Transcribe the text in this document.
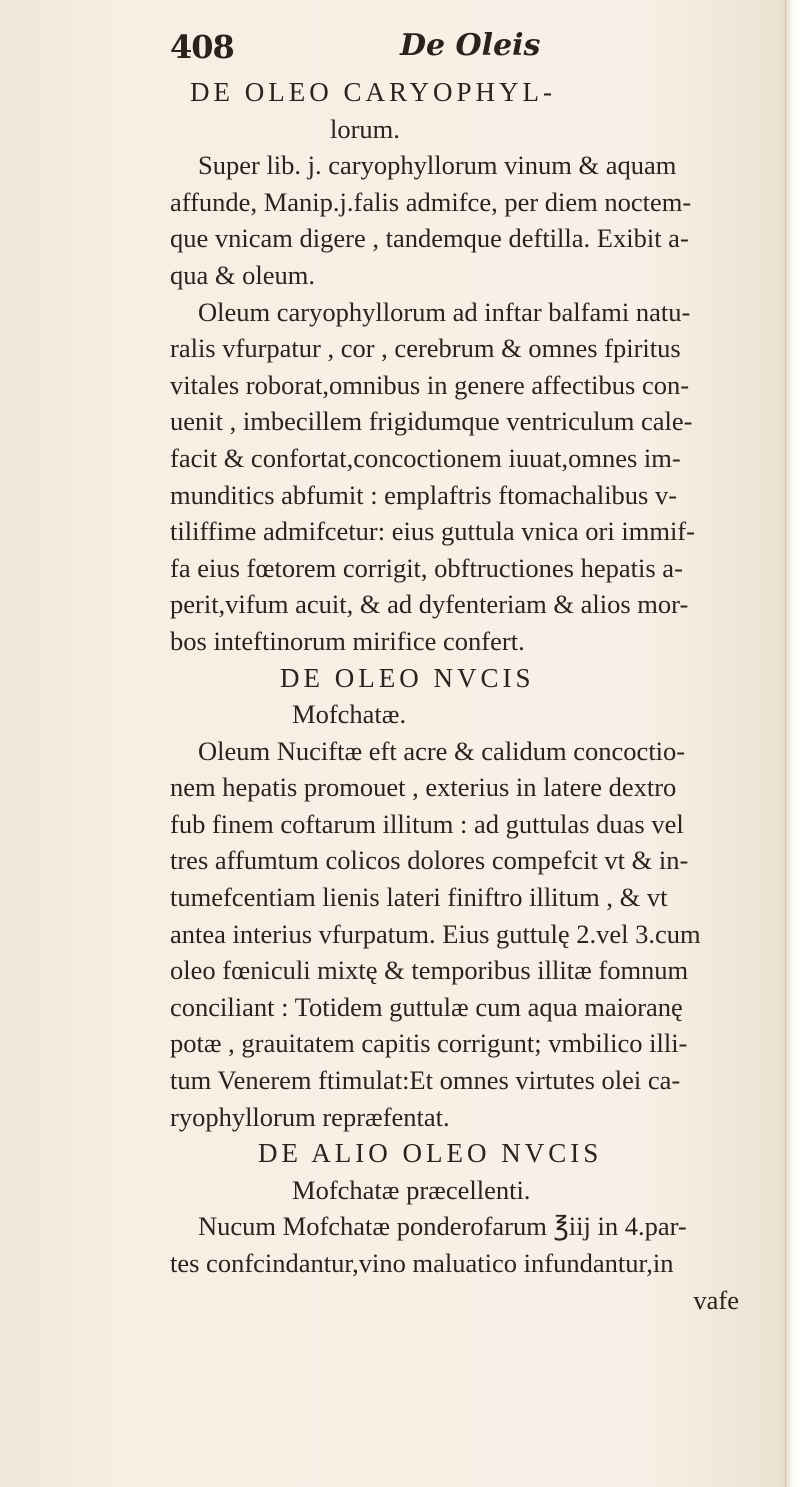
408	De Oleis
DE OLEO CARYOPHYL-
lorum.
Super lib. j. caryophyllorum vinum & aquam
affunde, Manip.j.falis admifce, per diem noctem-
que vnicam digere , tandemque deftilla. Exibit a-
qua & oleum.
Oleum caryophyllorum ad inftar balfami natu-
ralis vfurpatur , cor , cerebrum & omnes fpiritus
vitales roborat,omnibus in genere affectibus con-
uenit , imbecillem frigidumque ventriculum cale-
facit & confortat,concoctionem iuuat,omnes im-
munditics abfumit : emplaftris ftomachalibus v-
tiliffime admifcetur: eius guttula vnica ori immif-
fa eius fœtorem corrigit, obftructiones hepatis a-
perit,vifum acuit, & ad dyfenteriam & alios mor-
bos inteftinorum mirifice confert.
DE OLEO NVCIS
Mofchatæ.
Oleum Nuciftæ eft acre & calidum concoctio-
nem hepatis promouet , exterius in latere dextro
fub finem coftarum illitum : ad guttulas duas vel
tres affumtum colicos dolores compefcit vt & in-
tumefcentiam lienis lateri finiftro illitum , & vt
antea interius vfurpatum. Eius guttulę 2.vel 3.cum
oleo fœniculi mixtę & temporibus illitæ fomnum
conciliant : Totidem guttulæ cum aqua maioranę
potæ , grauitatem capitis corrigunt; vmbilico illi-
tum Venerem ftimulat:Et omnes virtutes olei ca-
ryophyllorum repræfentat.
DE ALIO OLEO NVCIS
Mofchatæ præcellenti.
Nucum Mofchatæ ponderofarum ℥iij in 4.par-
tes confcindantur,vino maluatico infundantur,in
vafe
